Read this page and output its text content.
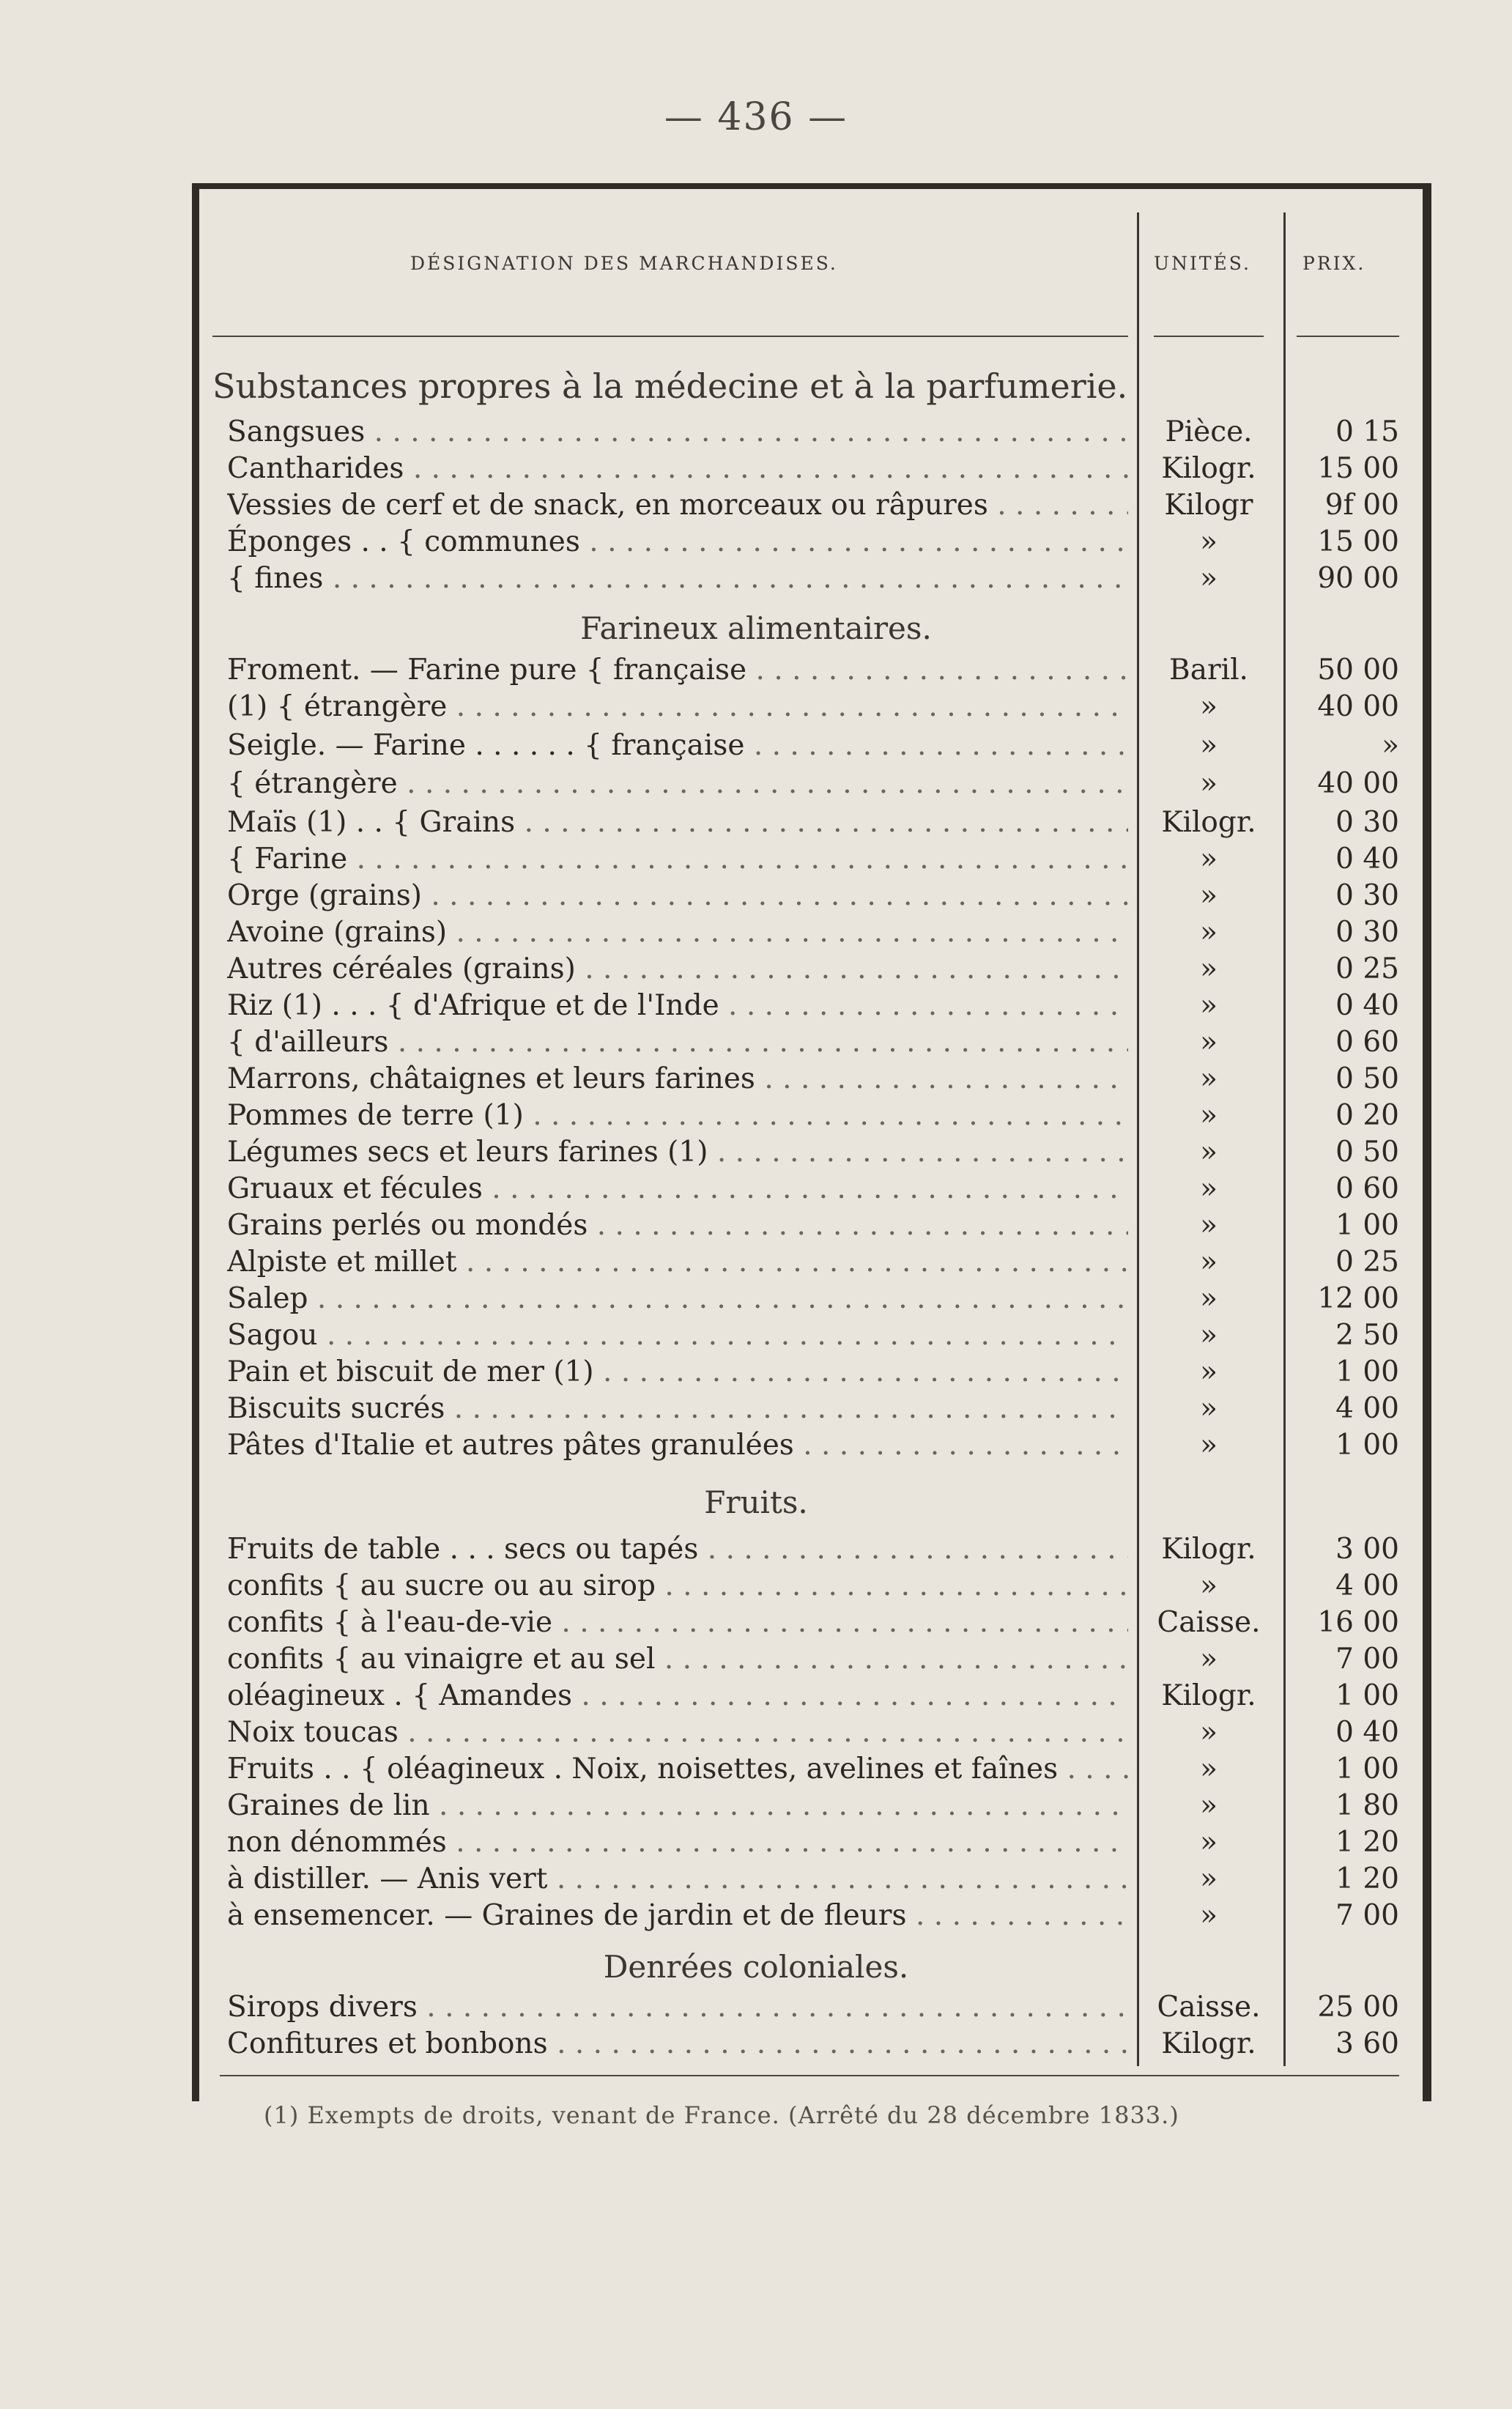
— 436 —
DÉSIGNATION DES MARCHANDISES.	UNITÉS.	PRIX.
Substances propres à la médecine et à la parfumerie.
Farineux alimentaires.
Fruits.
Denrées coloniales.
Sangsues . . .	Pièce.	0 15
Cantharides . . .	Kilogr.	15 00
Vessies de cerf et de snack, en morceaux ou râpures . . .	Kilogr	9f 00
Éponges . . { communes . . .	»	15 00
{ fines . . .	»	90 00
Froment. — Farine pure { française . . .	Baril.	50 00
(1) { étrangère . . .	»	40 00
Seigle. — Farine . . . . . . { française . . .	»	»
{ étrangère . . .	»	40 00
Maïs (1) . . { Grains . . .	Kilogr.	0 30
{ Farine . . .	»	0 40
Orge (grains) . . .	»	0 30
Avoine (grains) . . .	»	0 30
Autres céréales (grains) . . .	»	0 25
Riz (1) . . . { d'Afrique et de l'Inde . . .	»	0 40
{ d'ailleurs . . .	»	0 60
Marrons, châtaignes et leurs farines . . .	»	0 50
Pommes de terre (1) . . .	»	0 20
Légumes secs et leurs farines (1) . . .	»	0 50
Gruaux et fécules . . .	»	0 60
Grains perlés ou mondés . . .	»	1 00
Alpiste et millet . . .	»	0 25
Salep . . .	»	12 00
Sagou . . .	»	2 50
Pain et biscuit de mer (1) . . .	»	1 00
Biscuits sucrés . . .	»	4 00
Pâtes d'Italie et autres pâtes granulées . . .	»	1 00
Fruits de table . . . secs ou tapés . . .	Kilogr.	3 00
confits { au sucre ou au sirop . . .	»	4 00
confits { à l'eau-de-vie . . .	Caisse.	16 00
confits { au vinaigre et au sel . . .	»	7 00
oléagineux . { Amandes . . .	Kilogr.	1 00
Noix toucas . . .	»	0 40
Fruits . . { oléagineux . Noix, noisettes, avelines et faînes . . .	»	1 00
Graines de lin . . .	»	1 80
non dénommés . . .	»	1 20
à distiller. — Anis vert . . .	»	1 20
à ensemencer. — Graines de jardin et de fleurs . . .	»	7 00
Sirops divers . . .	Caisse.	25 00
Confitures et bonbons . . .	Kilogr.	3 60
(1) Exempts de droits, venant de France. (Arrêté du 28 décembre 1833.)
